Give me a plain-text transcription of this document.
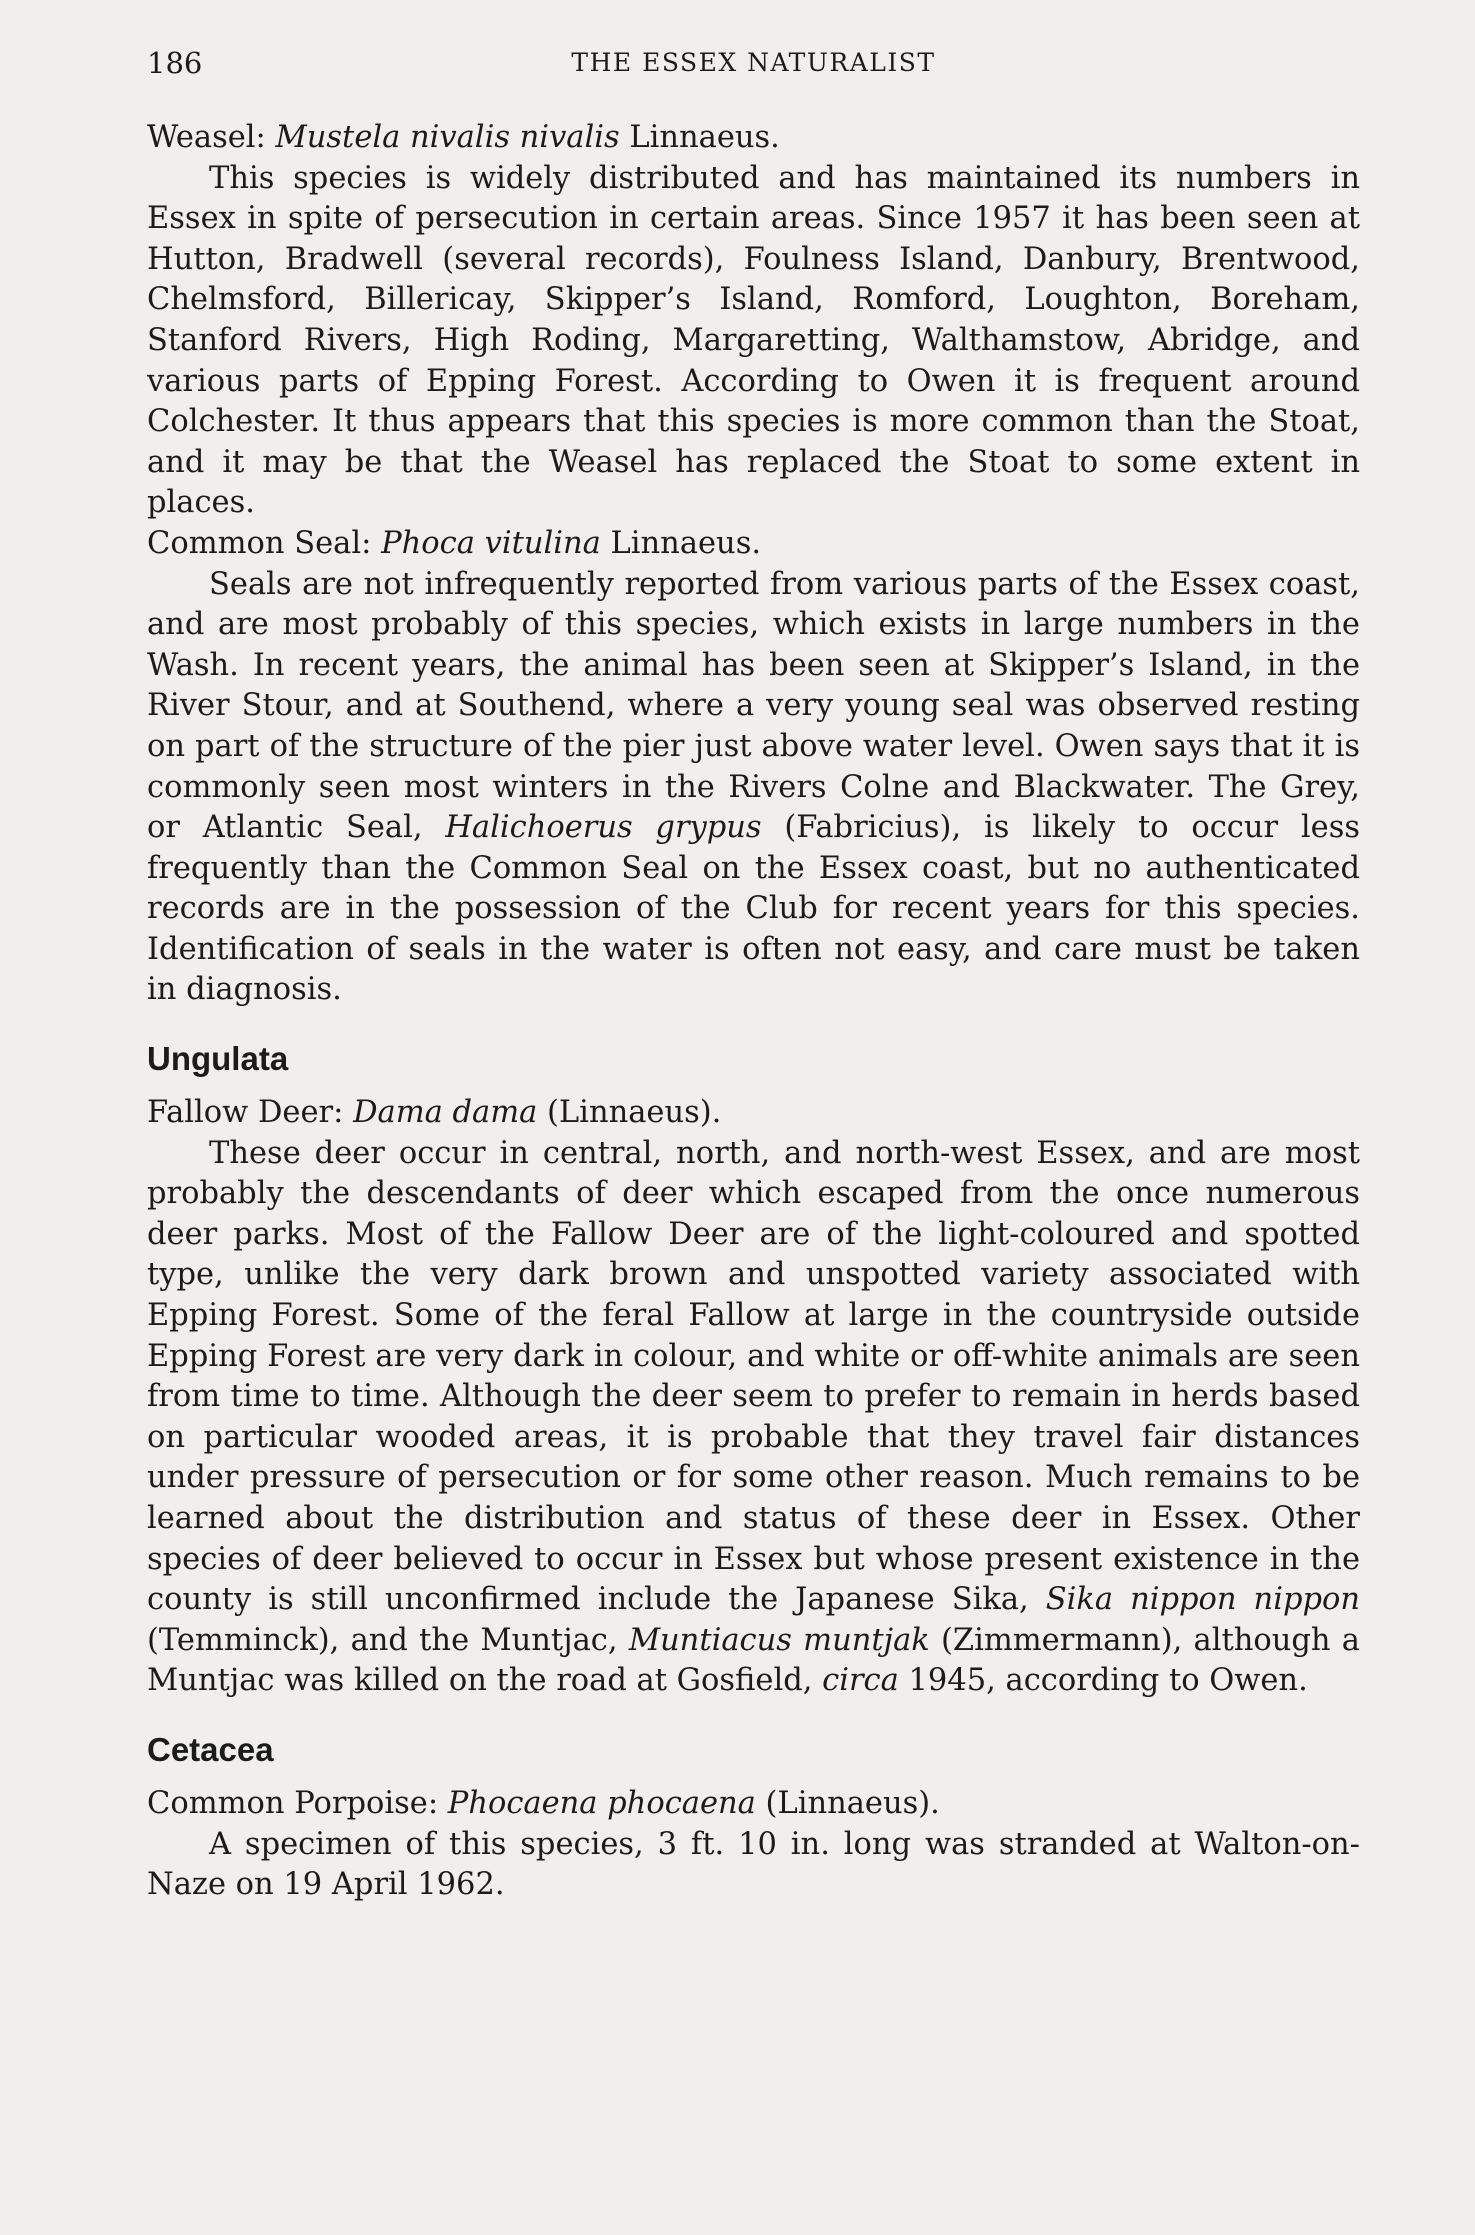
186	THE ESSEX NATURALIST

Weasel: Mustela nivalis nivalis Linnaeus.

This species is widely distributed and has maintained its numbers in Essex in spite of persecution in certain areas. Since 1957 it has been seen at Hutton, Bradwell (several records), Foulness Island, Danbury, Brentwood, Chelmsford, Billericay, Skipper’s Island, Romford, Loughton, Boreham, Stanford Rivers, High Roding, Margaretting, Walthamstow, Abridge, and various parts of Epping Forest. According to Owen it is frequent around Colchester. It thus appears that this species is more common than the Stoat, and it may be that the Weasel has replaced the Stoat to some extent in places.

Common Seal: Phoca vitulina Linnaeus.

Seals are not infrequently reported from various parts of the Essex coast, and are most probably of this species, which exists in large numbers in the Wash. In recent years, the animal has been seen at Skipper’s Island, in the River Stour, and at Southend, where a very young seal was observed resting on part of the structure of the pier just above water level. Owen says that it is commonly seen most winters in the Rivers Colne and Blackwater. The Grey, or Atlantic Seal, Halichoerus grypus (Fabricius), is likely to occur less frequently than the Common Seal on the Essex coast, but no authenticated records are in the possession of the Club for recent years for this species. Identification of seals in the water is often not easy, and care must be taken in diagnosis.

Ungulata

Fallow Deer: Dama dama (Linnaeus).

These deer occur in central, north, and north-west Essex, and are most probably the descendants of deer which escaped from the once numerous deer parks. Most of the Fallow Deer are of the light-coloured and spotted type, unlike the very dark brown and unspotted variety associated with Epping Forest. Some of the feral Fallow at large in the countryside outside Epping Forest are very dark in colour, and white or off-white animals are seen from time to time. Although the deer seem to prefer to remain in herds based on particular wooded areas, it is probable that they travel fair distances under pressure of persecution or for some other reason. Much remains to be learned about the distribution and status of these deer in Essex. Other species of deer believed to occur in Essex but whose present existence in the county is still unconfirmed include the Japanese Sika, Sika nippon nippon (Temminck), and the Muntjac, Muntiacus muntjak (Zimmermann), although a Muntjac was killed on the road at Gosfield, circa 1945, according to Owen.

Cetacea

Common Porpoise: Phocaena phocaena (Linnaeus).

A specimen of this species, 3 ft. 10 in. long was stranded at Walton-on-Naze on 19 April 1962.
